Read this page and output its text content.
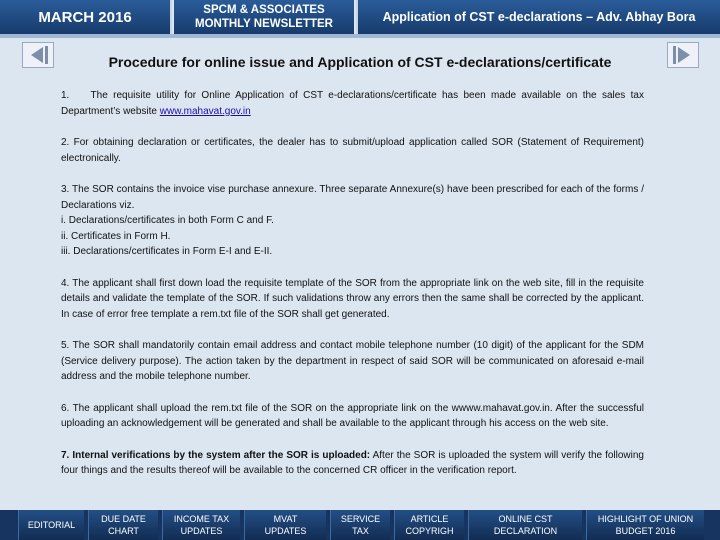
MARCH 2016	SPCM & ASSOCIATES
MONTHLY NEWSLETTER	Application of CST e-declarations – Adv. Abhay Bora
Procedure for online issue and Application of CST e-declarations/certificate

1.    The requisite utility for Online Application of CST e-declarations/certificate has been made available on the sales tax Department’s website www.mahavat.gov.in

2. For obtaining declaration or certificates, the dealer has to submit/upload application called SOR (Statement of Requirement) electronically.

3. The SOR contains the invoice vise purchase annexure. Three separate Annexure(s) have been prescribed for each of the forms / Declarations viz.
i. Declarations/certificates in both Form C and F.
ii. Certificates in Form H.
iii. Declarations/certificates in Form E-I and E-II.

4. The applicant shall first down load the requisite template of the SOR from the appropriate link on the web site, fill in the requisite details and validate the template of the SOR. If such validations throw any errors then the same shall be corrected by the applicant. In case of error free template a rem.txt file of the SOR shall get generated.

5. The SOR shall mandatorily contain email address and contact mobile telephone number (10 digit) of the applicant for the SDM (Service delivery purpose). The action taken by the department in respect of said SOR will be communicated on aforesaid e-mail address and the mobile telephone number.

6. The applicant shall upload the rem.txt file of the SOR on the appropriate link on the wwww.mahavat.gov.in. After the successful uploading an acknowledgement will be generated and shall be available to the applicant through his access on the web site.

7. Internal verifications by the system after the SOR is uploaded: After the SOR is uploaded the system will verify the following four things and the results thereof will be available to the concerned CR officer in the verification report.

EDITORIAL
DUE DATE
CHART
INCOME TAX
UPDATES
MVAT
UPDATES
SERVICE
TAX
ARTICLE
COPYRIGH
ONLINE CST
DECLARATION
HIGHLIGHT OF UNION
BUDGET 2016
